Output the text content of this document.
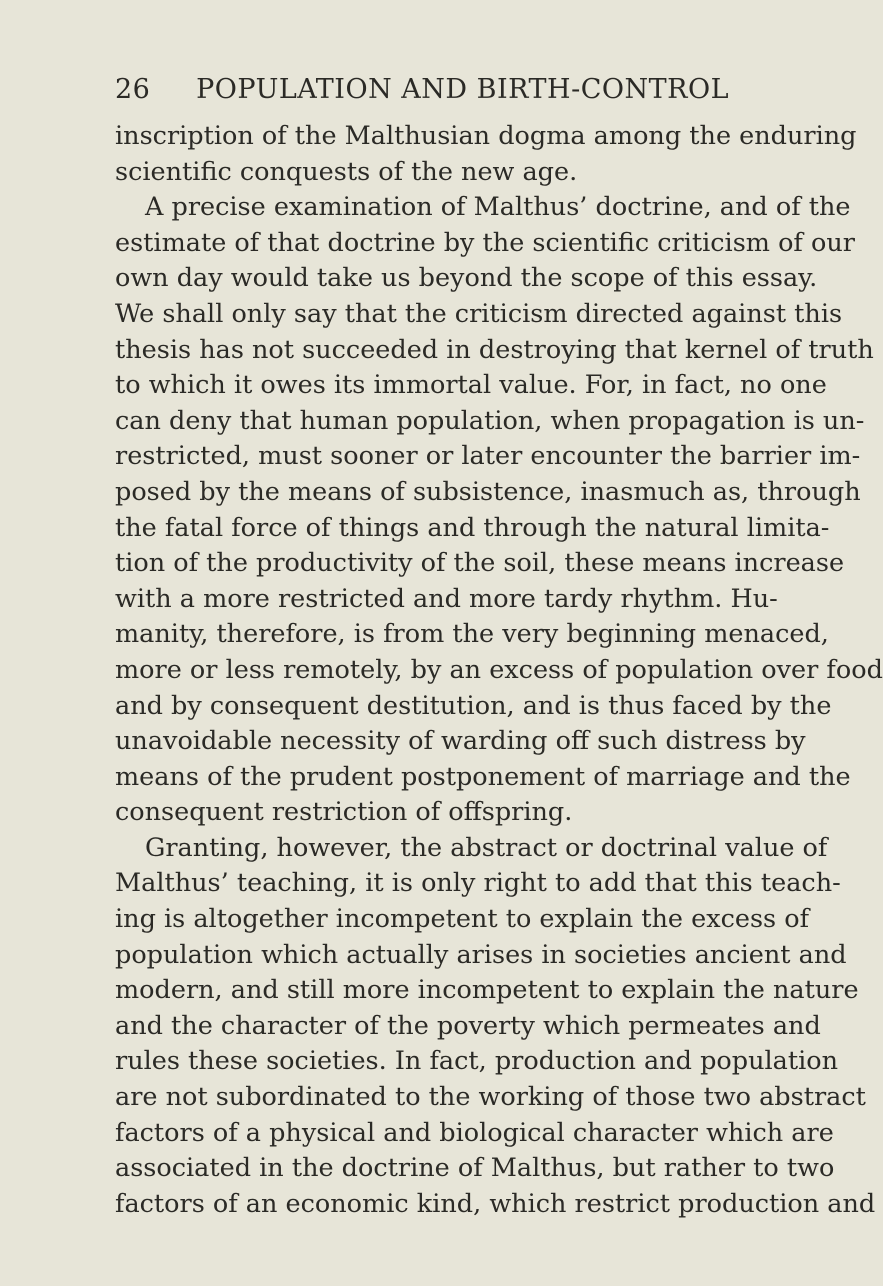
26 POPULATION AND BIRTH-CONTROL
inscription of the Malthusian dogma among the enduring
scientific conquests of the new age.
A precise examination of Malthus’ doctrine, and of the
estimate of that doctrine by the scientific criticism of our
own day would take us beyond the scope of this essay.
We shall only say that the criticism directed against this
thesis has not succeeded in destroying that kernel of truth
to which it owes its immortal value. For, in fact, no one
can deny that human population, when propagation is un-
restricted, must sooner or later encounter the barrier im-
posed by the means of subsistence, inasmuch as, through
the fatal force of things and through the natural limita-
tion of the productivity of the soil, these means increase
with a more restricted and more tardy rhythm. Hu-
manity, therefore, is from the very beginning menaced,
more or less remotely, by an excess of population over food
and by consequent destitution, and is thus faced by the
unavoidable necessity of warding off such distress by
means of the prudent postponement of marriage and the
consequent restriction of offspring.
Granting, however, the abstract or doctrinal value of
Malthus’ teaching, it is only right to add that this teach-
ing is altogether incompetent to explain the excess of
population which actually arises in societies ancient and
modern, and still more incompetent to explain the nature
and the character of the poverty which permeates and
rules these societies. In fact, production and population
are not subordinated to the working of those two abstract
factors of a physical and biological character which are
associated in the doctrine of Malthus, but rather to two
factors of an economic kind, which restrict production and
